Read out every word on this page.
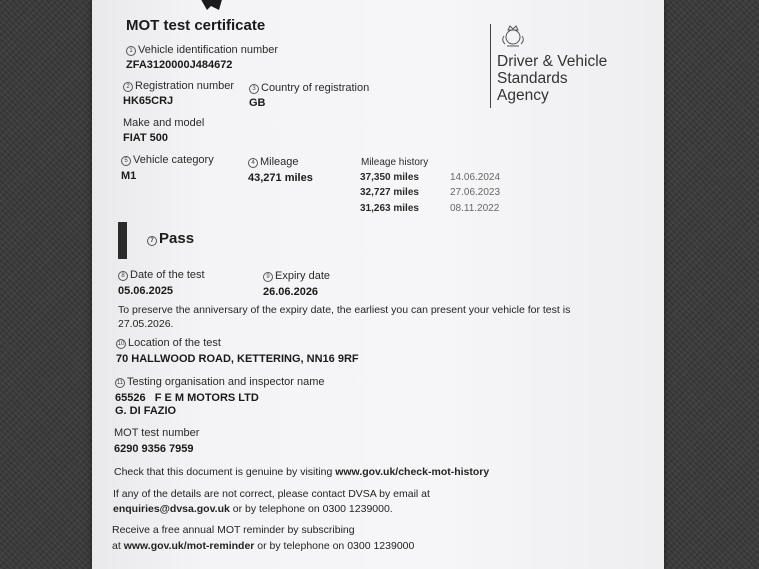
MOT test certificate
Driver & Vehicle
Standards
Agency
1 Vehicle identification number
ZFA3120000J484672
2 Registration number
HK65CRJ
3 Country of registration
GB
Make and model
FIAT 500
5 Vehicle category
M1
4 Mileage
43,271 miles
Mileage history
37,350 miles	14.06.2024
32,727 miles	27.06.2023
31,263 miles	08.11.2022
7 Pass
8 Date of the test
05.06.2025
9 Expiry date
26.06.2026
To preserve the anniversary of the expiry date, the earliest you can present your vehicle for test is
27.05.2026.
10 Location of the test
70 HALLWOOD ROAD, KETTERING, NN16 9RF
11 Testing organisation and inspector name
65526   F E M MOTORS LTD
G. DI FAZIO
MOT test number
6290 9356 7959
Check that this document is genuine by visiting www.gov.uk/check-mot-history
If any of the details are not correct, please contact DVSA by email at
enquiries@dvsa.gov.uk or by telephone on 0300 1239000.
Receive a free annual MOT reminder by subscribing
at www.gov.uk/mot-reminder or by telephone on 0300 1239000
